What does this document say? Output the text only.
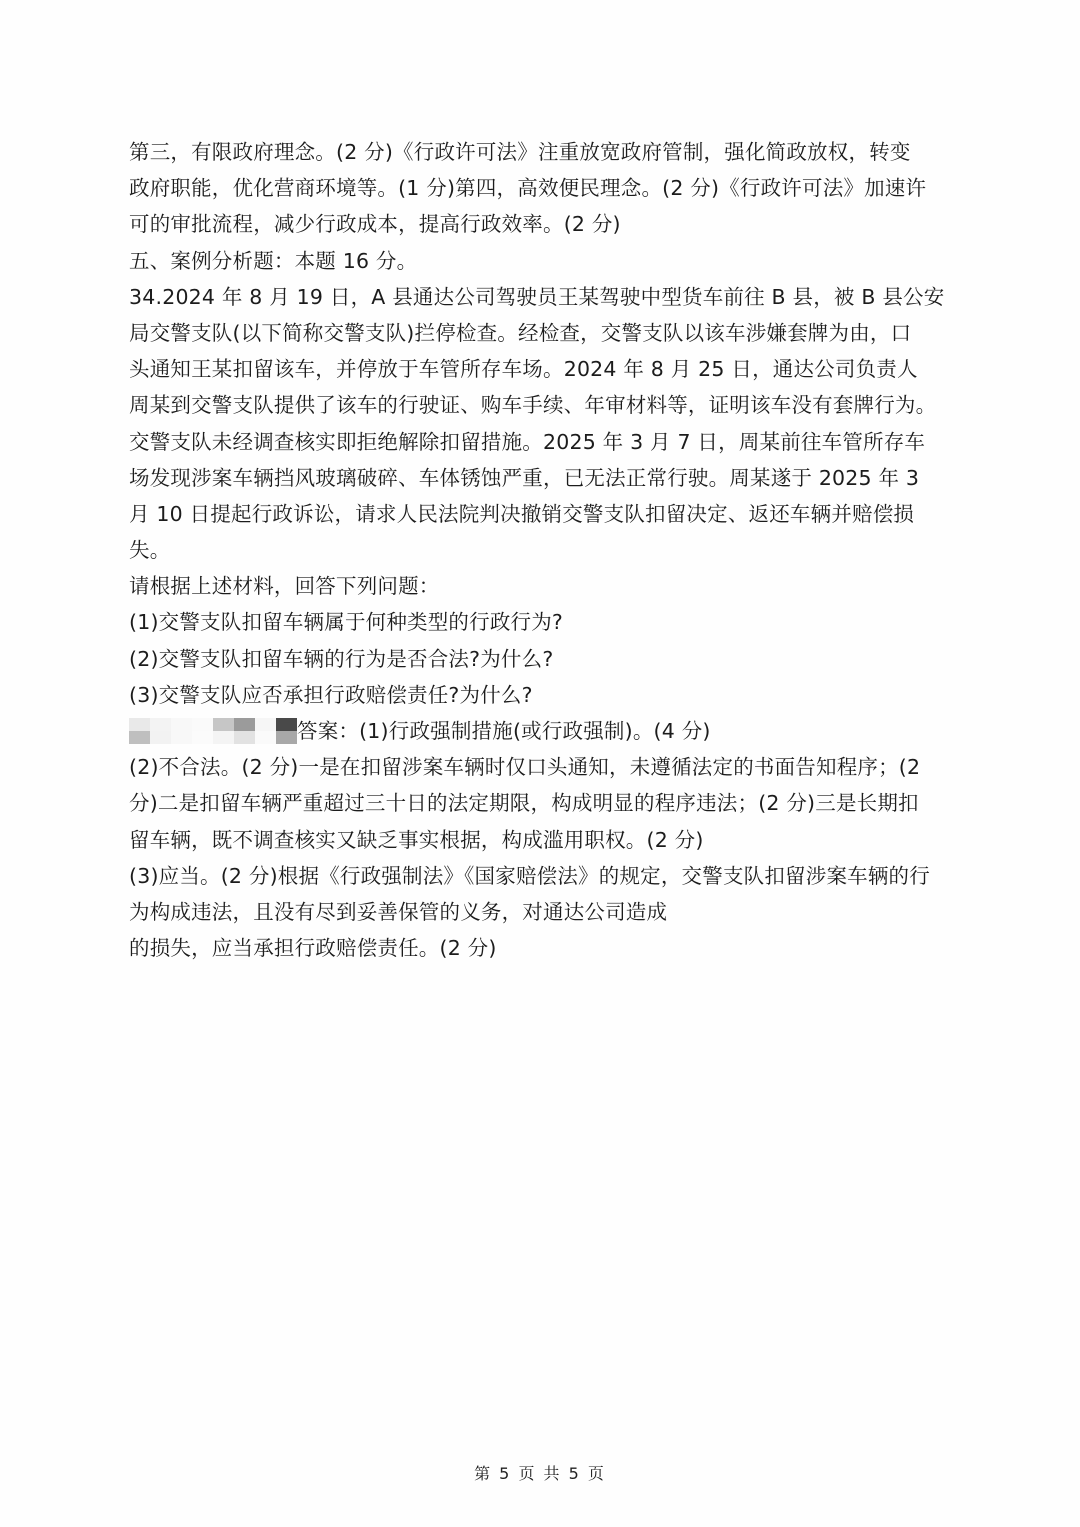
第三，有限政府理念。(2 分)《行政许可法》注重放宽政府管制，强化简政放权，转变
政府职能，优化营商环境等。(1 分)第四，高效便民理念。(2 分)《行政许可法》加速许
可的审批流程，减少行政成本，提高行政效率。(2 分)
五、案例分析题：本题 16 分。
34.2024 年 8 月 19 日，A 县通达公司驾驶员王某驾驶中型货车前往 B 县，被 B 县公安
局交警支队(以下简称交警支队)拦停检查。经检查，交警支队以该车涉嫌套牌为由，口
头通知王某扣留该车，并停放于车管所存车场。2024 年 8 月 25 日，通达公司负责人
周某到交警支队提供了该车的行驶证、购车手续、年审材料等，证明该车没有套牌行为。
交警支队未经调查核实即拒绝解除扣留措施。2025 年 3 月 7 日，周某前往车管所存车
场发现涉案车辆挡风玻璃破碎、车体锈蚀严重，已无法正常行驶。周某遂于 2025 年 3
月 10 日提起行政诉讼，请求人民法院判决撤销交警支队扣留决定、返还车辆并赔偿损
失。
请根据上述材料，回答下列问题：
(1)交警支队扣留车辆属于何种类型的行政行为?
(2)交警支队扣留车辆的行为是否合法?为什么?
(3)交警支队应否承担行政赔偿责任?为什么?
答案：(1)行政强制措施(或行政强制)。(4 分)
(2)不合法。(2 分)一是在扣留涉案车辆时仅口头通知，未遵循法定的书面告知程序；(2
分)二是扣留车辆严重超过三十日的法定期限，构成明显的程序违法；(2 分)三是长期扣
留车辆，既不调查核实又缺乏事实根据，构成滥用职权。(2 分)
(3)应当。(2 分)根据《行政强制法》《国家赔偿法》的规定，交警支队扣留涉案车辆的行
为构成违法，且没有尽到妥善保管的义务，对通达公司造成
的损失，应当承担行政赔偿责任。(2 分)
第 5 页 共 5 页
